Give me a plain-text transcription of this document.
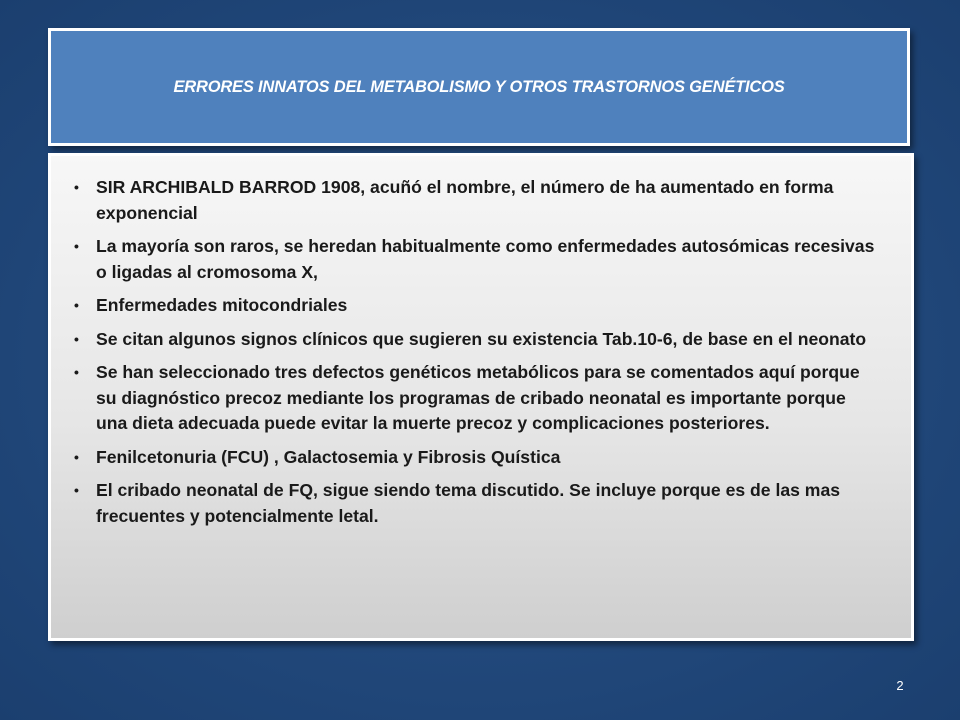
ERRORES INNATOS DEL METABOLISMO Y OTROS TRASTORNOS GENÉTICOS
• SIR ARCHIBALD BARROD 1908, acuñó el nombre, el número de ha aumentado en forma exponencial
• La mayoría son raros, se heredan habitualmente como enfermedades autosómicas recesivas o ligadas al cromosoma X,
• Enfermedades mitocondriales
• Se citan algunos signos clínicos que sugieren su existencia Tab.10-6, de base en el neonato
• Se han seleccionado tres defectos genéticos metabólicos para se comentados aquí porque su diagnóstico precoz mediante los programas de cribado neonatal es importante porque una dieta adecuada puede evitar la muerte precoz y complicaciones posteriores.
• Fenilcetonuria (FCU) , Galactosemia y Fibrosis Quística
• El cribado neonatal de FQ, sigue siendo tema discutido. Se incluye porque es de las mas frecuentes y potencialmente letal.
2
